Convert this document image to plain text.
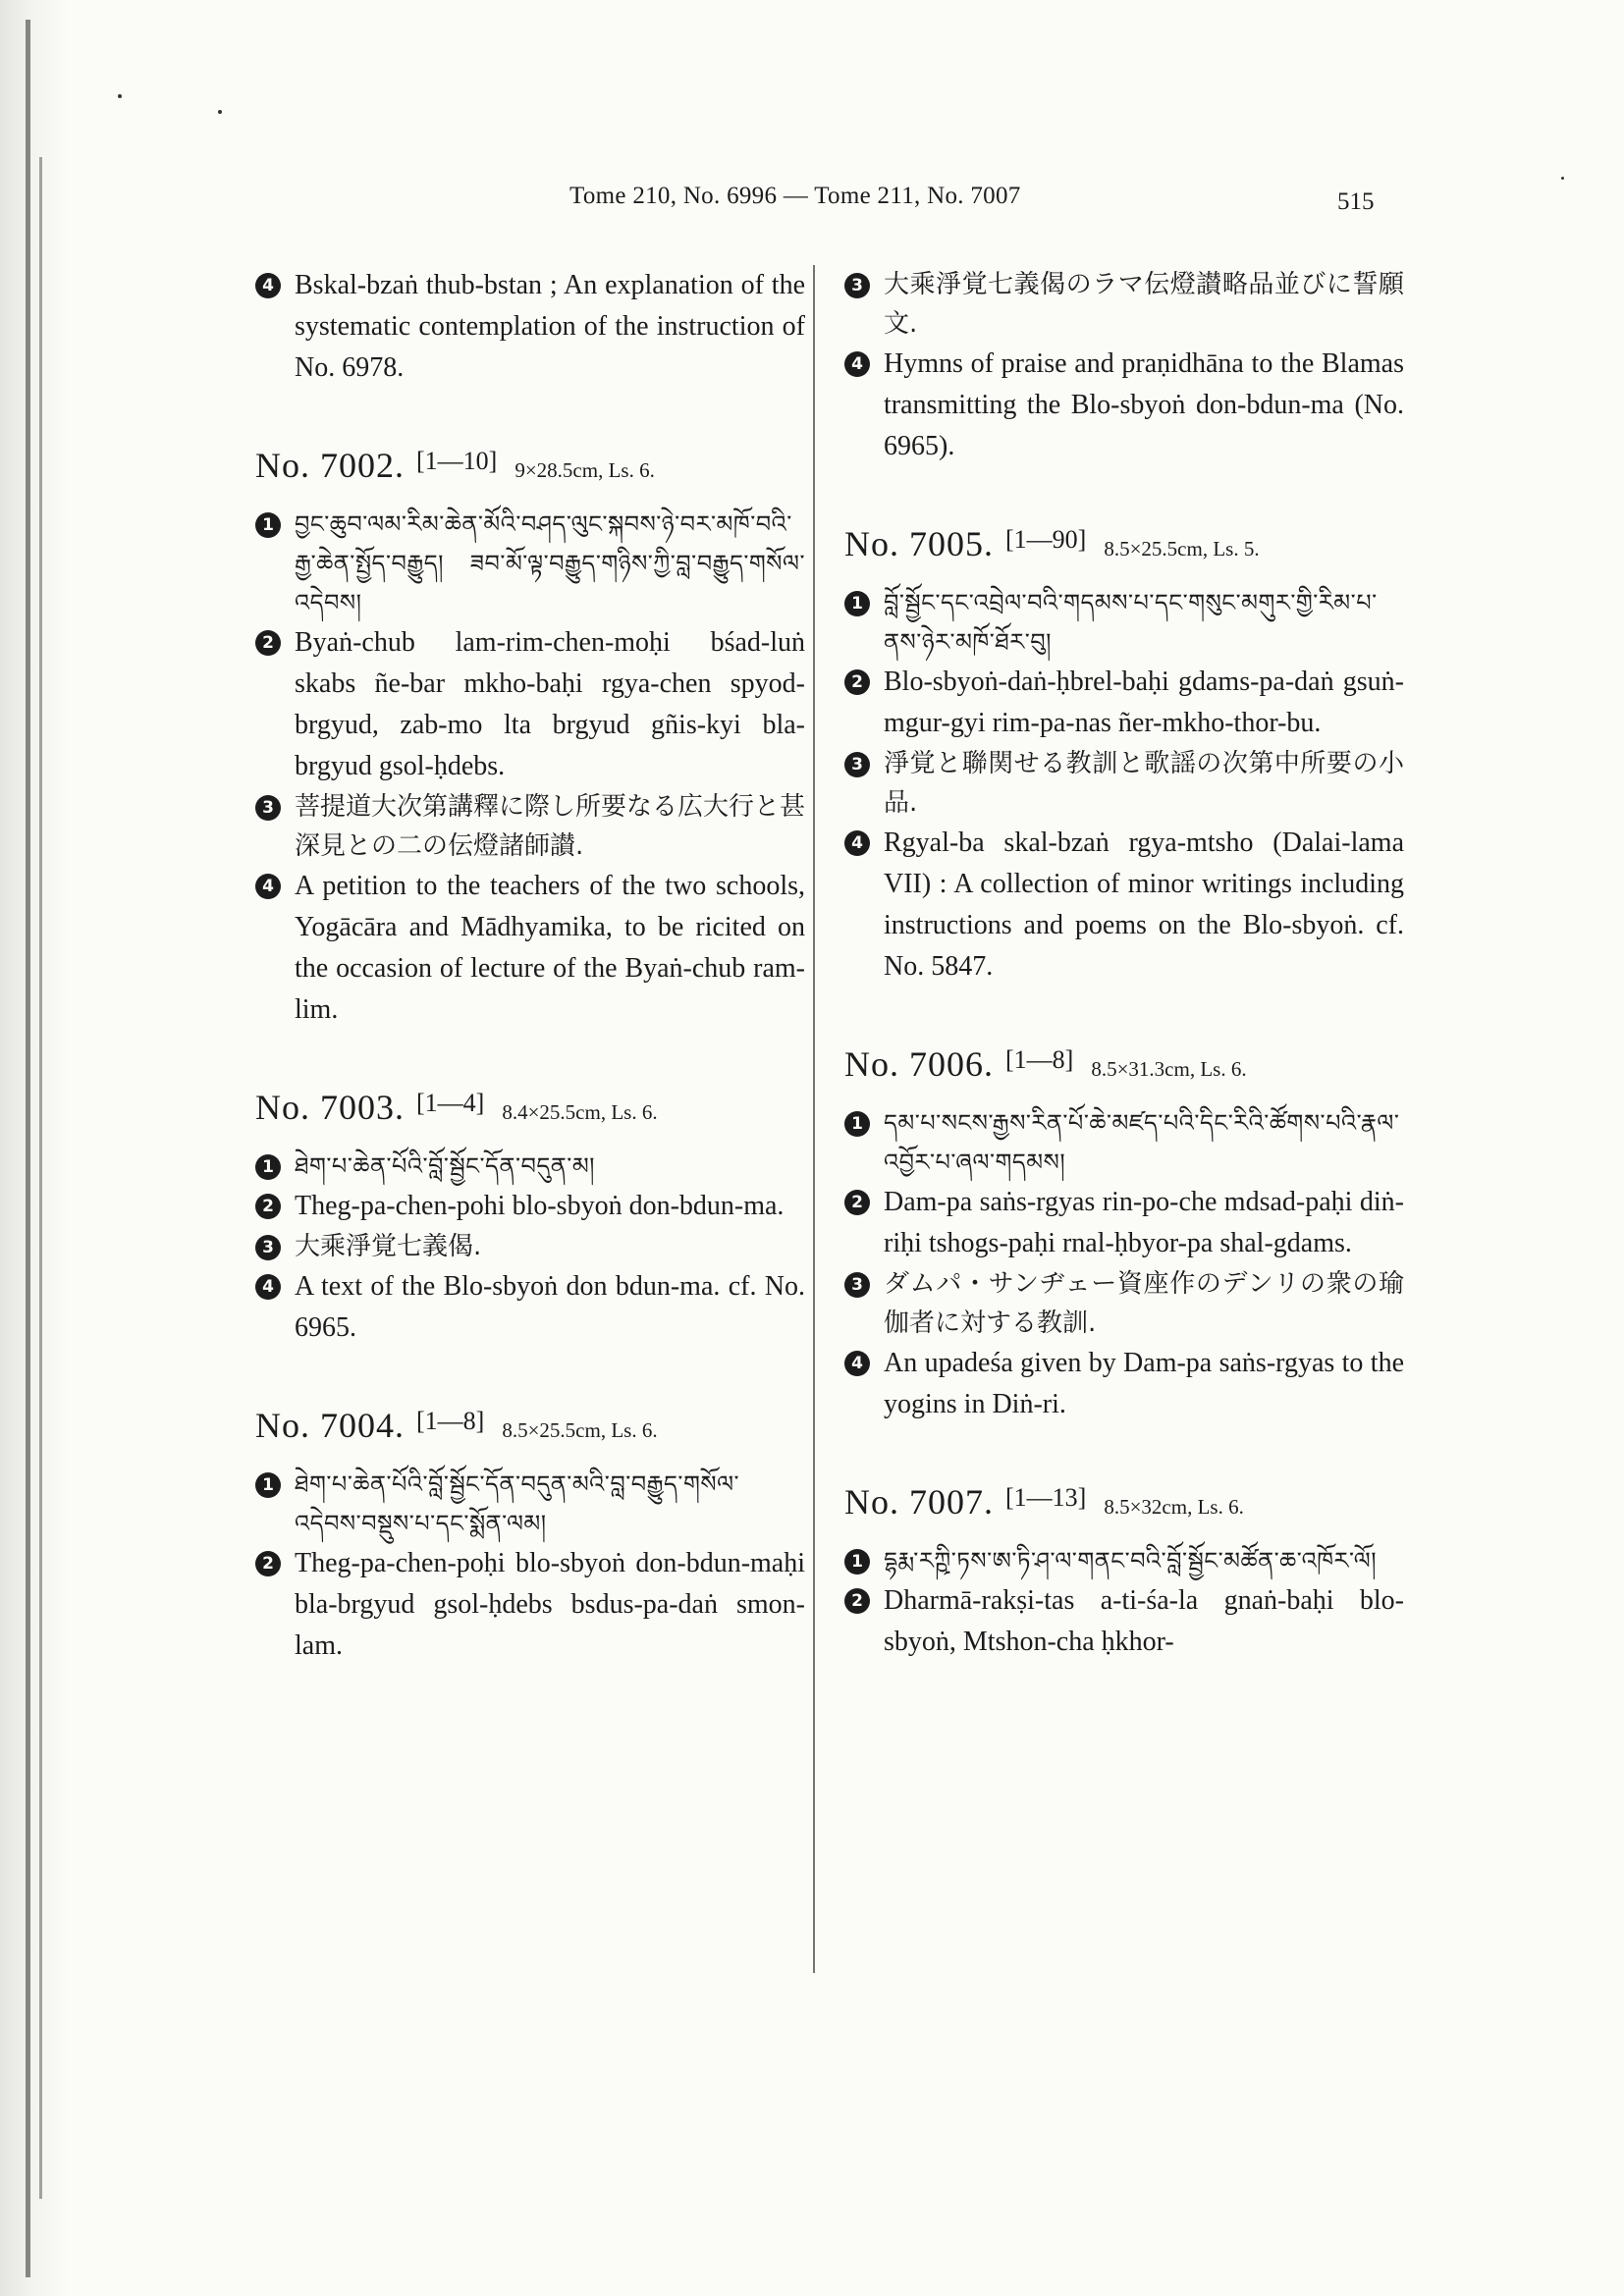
Tome 210, No. 6996 — Tome 211, No. 7007	515

4 Bskal-bzaṅ thub-bstan ; An explanation of the systematic contemplation of the instruction of No. 6978.

No. 7002. [1—10] 9×28.5cm, Ls. 6.

1 བྱང་ཆུབ་ལམ་རིམ་ཆེན་མོའི་བཤད་ལུང་སྐབས་ཉེ་བར་མཁོ་བའི་རྒྱ་ཆེན་སྤྱོད་བརྒྱུད། ཟབ་མོ་ལྟ་བརྒྱུད་གཉིས་ཀྱི་བླ་བརྒྱུད་གསོལ་འདེབས།

2 Byaṅ-chub lam-rim-chen-moḥi bśad-luṅ skabs ñe-bar mkho-baḥi rgya-chen spyod-brgyud, zab-mo lta brgyud gñis-kyi bla-brgyud gsol-ḥdebs.

3 菩提道大次第講釋に際し所要なる広大行と甚深見との二の伝燈諸師讃.

4 A petition to the teachers of the two schools, Yogācāra and Mādhyamika, to be ricited on the occasion of lecture of the Byaṅ-chub ram-lim.

No. 7003. [1—4] 8.4×25.5cm, Ls. 6.

1 ཐེག་པ་ཆེན་པོའི་བློ་སྦྱོང་དོན་བདུན་མ།

2 Theg-pa-chen-pohi blo-sbyoṅ don-bdun-ma.

3 大乘淨覚七義偈.

4 A text of the Blo-sbyoṅ don bdun-ma. cf. No. 6965.

No. 7004. [1—8] 8.5×25.5cm, Ls. 6.

1 ཐེག་པ་ཆེན་པོའི་བློ་སྦྱོང་དོན་བདུན་མའི་བླ་བརྒྱུད་གསོལ་འདེབས་བསྡུས་པ་དང་སྨོན་ལམ།

2 Theg-pa-chen-poḥi blo-sbyoṅ don-bdun-maḥi bla-brgyud gsol-ḥdebs bsdus-pa-daṅ smon-lam.

3 大乘淨覚七義偈のラマ伝燈讃略品並びに誓願文.

4 Hymns of praise and praṇidhāna to the Blamas transmitting the Blo-sbyoṅ don-bdun-ma (No. 6965).

No. 7005. [1—90] 8.5×25.5cm, Ls. 5.

1 བློ་སྦྱོང་དང་འབྲེལ་བའི་གདམས་པ་དང་གསུང་མགུར་གྱི་རིམ་པ་ནས་ཉེར་མཁོ་ཐོར་བུ།

2 Blo-sbyoṅ-daṅ-ḥbrel-baḥi gdams-pa-daṅ gsuṅ-mgur-gyi rim-pa-nas ñer-mkho-thor-bu.

3 淨覚と聯関せる教訓と歌謡の次第中所要の小品.

4 Rgyal-ba skal-bzaṅ rgya-mtsho (Dalai-lama VII) : A collection of minor writings including instructions and poems on the Blo-sbyoṅ. cf. No. 5847.

No. 7006. [1—8] 8.5×31.3cm, Ls. 6.

1 དམ་པ་སངས་རྒྱས་རིན་པོ་ཆེ་མཛད་པའི་དིང་རིའི་ཚོགས་པའི་རྣལ་འབྱོར་པ་ཞལ་གདམས།

2 Dam-pa saṅs-rgyas rin-po-che mdsad-paḥi diṅ-riḥi tshogs-paḥi rnal-ḥbyor-pa shal-gdams.

3 ダムパ・サンヂェー資座作のデンリの衆の瑜伽者に対する教訓.

4 An upadeśa given by Dam-pa saṅs-rgyas to the yogins in Diṅ-ri.

No. 7007. [1—13] 8.5×32cm, Ls. 6.

1 དྷརྨ་རཀྵི་ཏས་ཨ་ཏི་ཤ་ལ་གནང་བའི་བློ་སྦྱོང་མཚོན་ཆ་འཁོར་ལོ།

2 Dharmā-rakṣi-tas a-ti-śa-la gnaṅ-baḥi blo-sbyoṅ, Mtshon-cha ḥkhor-
